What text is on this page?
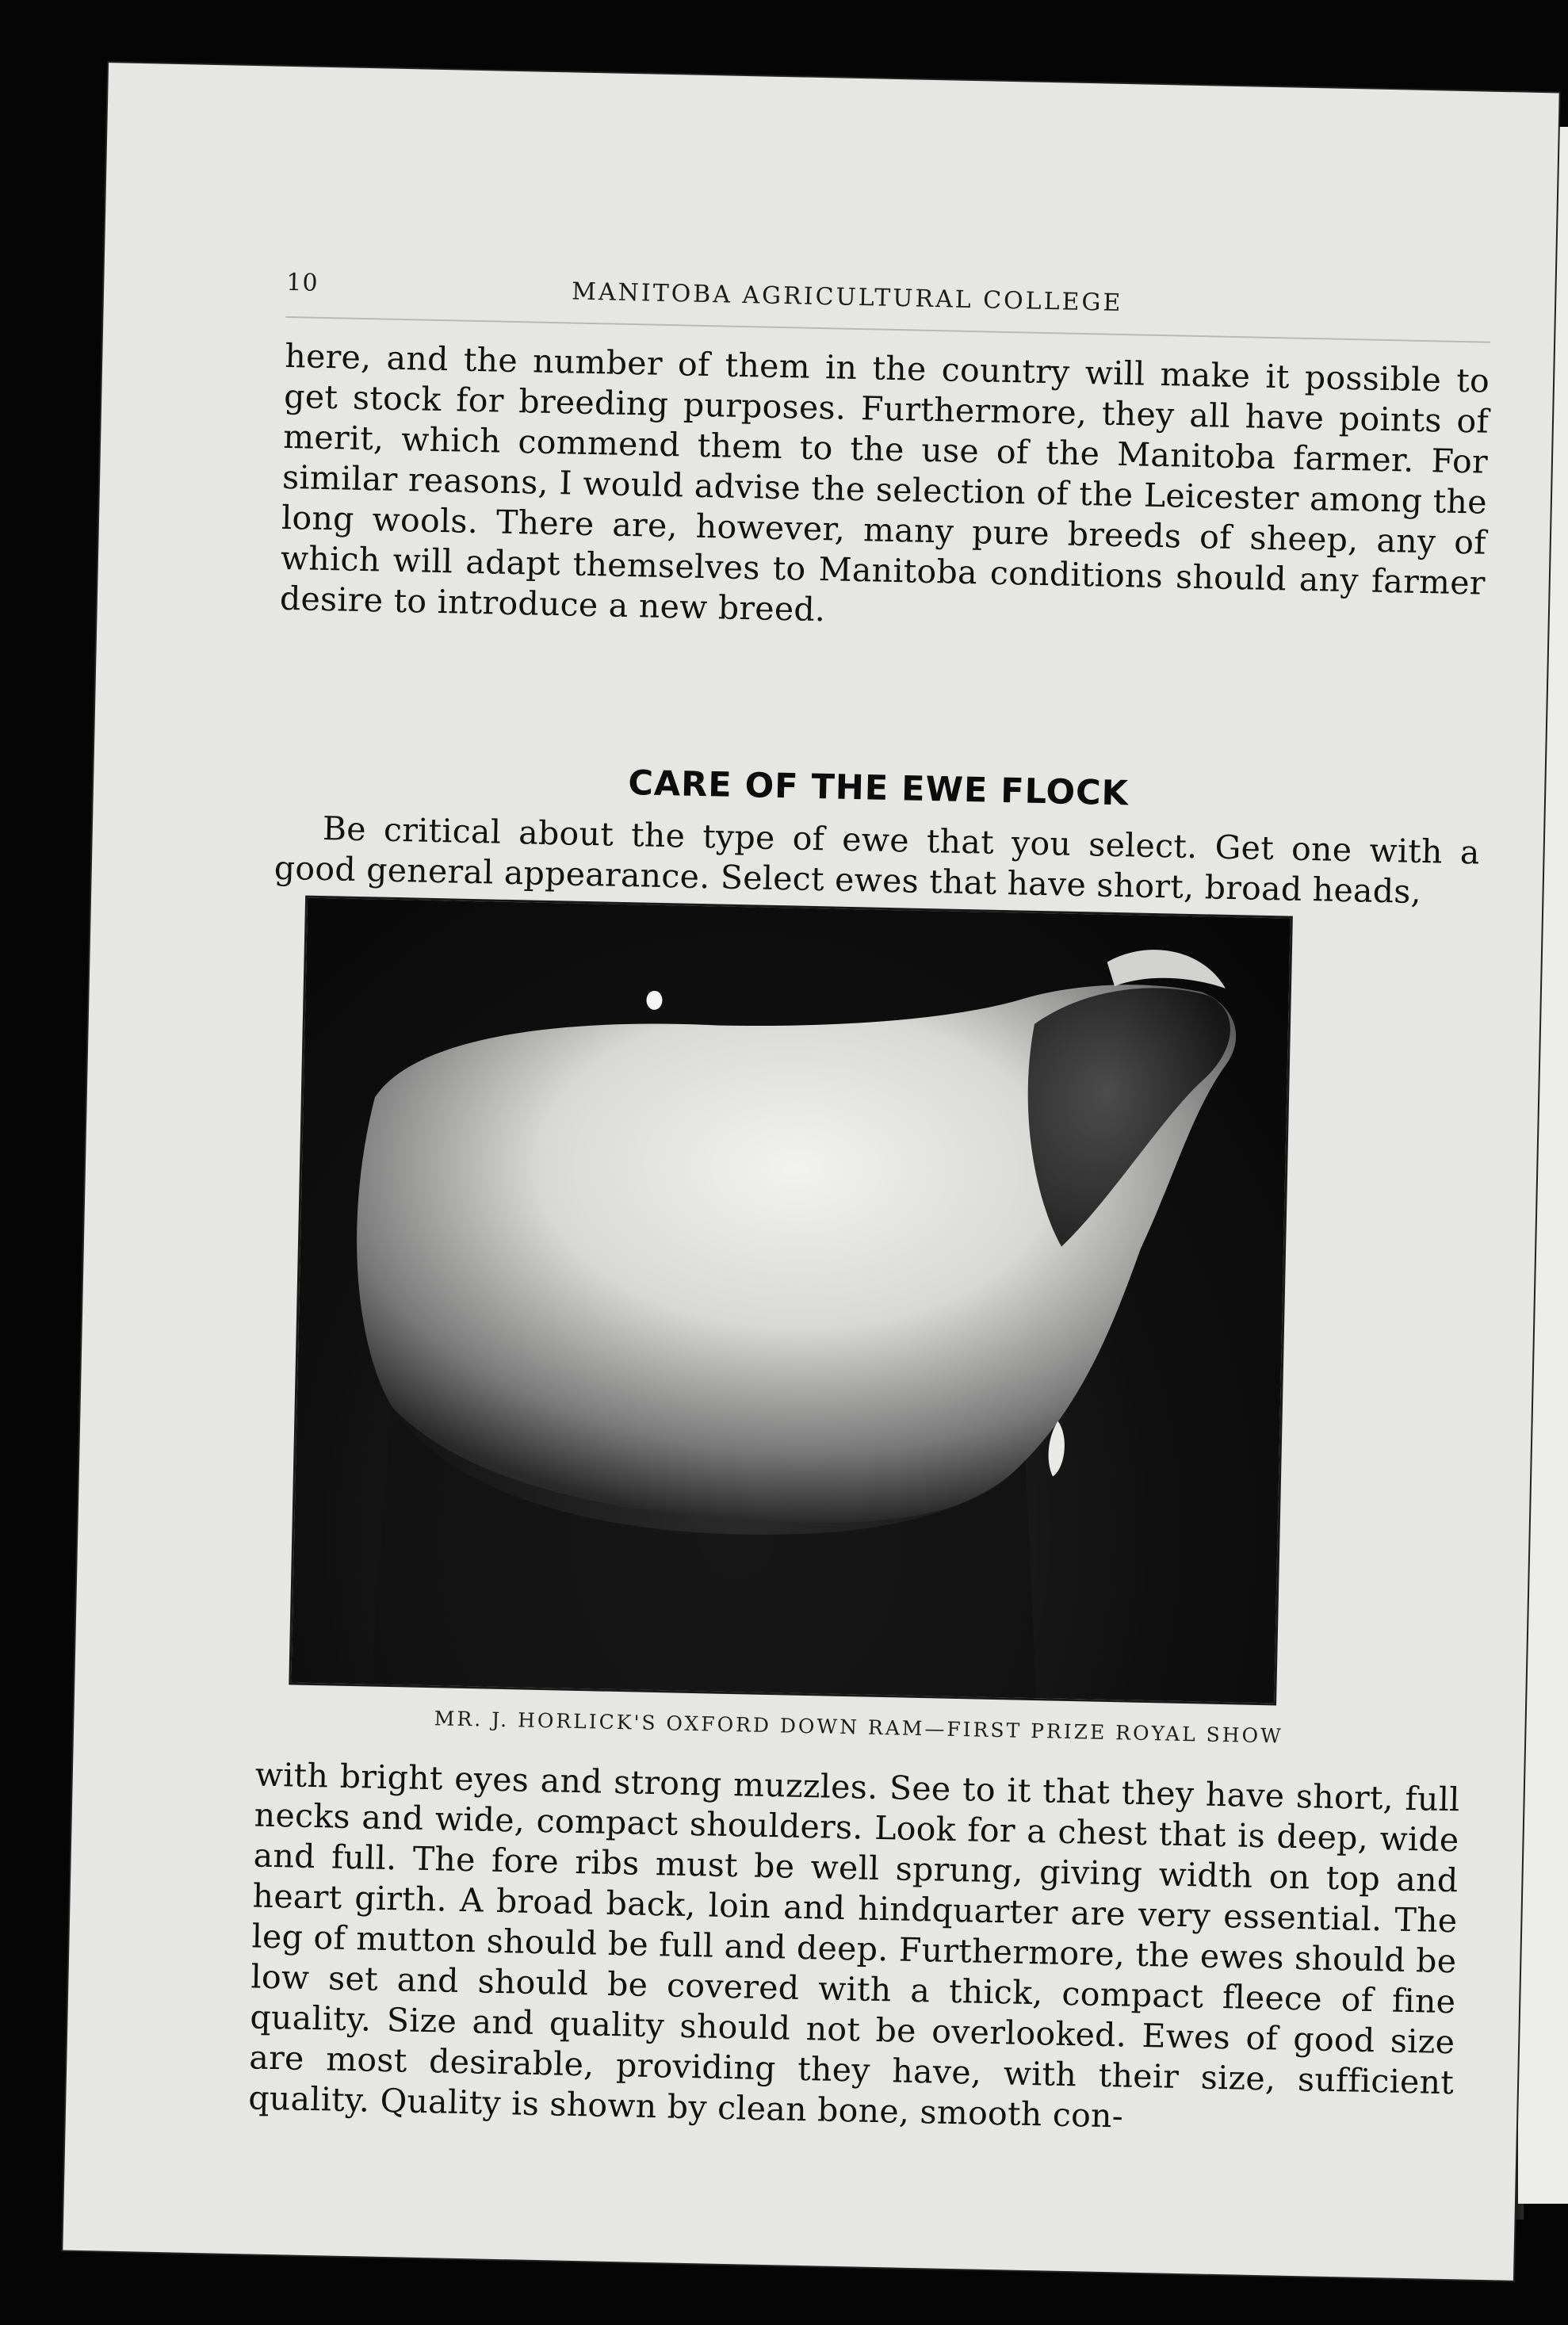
10	MANITOBA AGRICULTURAL COLLEGE

here, and the number of them in the country will make it possible to get stock for breeding purposes. Furthermore, they all have points of merit, which commend them to the use of the Manitoba farmer. For similar reasons, I would advise the selection of the Leicester among the long wools. There are, however, many pure breeds of sheep, any of which will adapt themselves to Manitoba conditions should any farmer desire to introduce a new breed.

CARE OF THE EWE FLOCK

Be critical about the type of ewe that you select. Get one with a good general appearance. Select ewes that have short, broad heads,

MR. J. HORLICK'S OXFORD DOWN RAM—FIRST PRIZE ROYAL SHOW

with bright eyes and strong muzzles. See to it that they have short, full necks and wide, compact shoulders. Look for a chest that is deep, wide and full. The fore ribs must be well sprung, giving width on top and heart girth. A broad back, loin and hindquarter are very essential. The leg of mutton should be full and deep. Furthermore, the ewes should be low set and should be covered with a thick, compact fleece of fine quality. Size and quality should not be overlooked. Ewes of good size are most desirable, providing they have, with their size, sufficient quality. Quality is shown by clean bone, smooth con-
